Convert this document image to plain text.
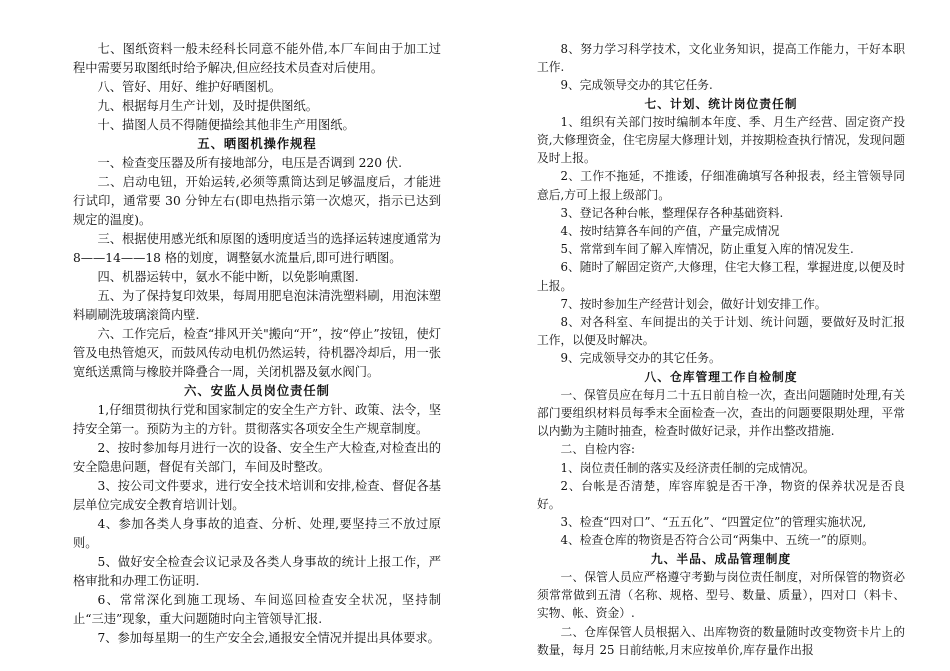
七、图纸资料一般未经科长同意不能外借,本厂车间由于加工过程中需要另取图纸时给予解决,但应经技术员查对后使用。

八、管好、用好、维护好晒图机。

九、根据每月生产计划，及时提供图纸。

十、描图人员不得随便描绘其他非生产用图纸。

五、晒图机操作规程

一、检查变压器及所有接地部分，电压是否调到 220 伏.

二、启动电钮，开始运转,必须等熏筒达到足够温度后，才能进行试印，通常要 30 分钟左右(即电热指示第一次熄灭，指示已达到规定的温度)。

三、根据使用感光纸和原图的透明度适当的选择运转速度通常为 8——14——18 格的划度，调整氨水流量后,即可进行晒图。

四、机器运转中，氨水不能中断，以免影响熏图.

五、为了保持复印效果，每周用肥皂泡沫清洗塑料刷，用泡沫塑料刷刷洗玻璃滚筒内壁.

六、工作完后，检查“排风开关"搬向“开”，按“停止”按钮，使灯管及电热管熄灭，而鼓风传动电机仍然运转，待机器冷却后，用一张宽纸送熏筒与橡胶并降叠合一周，关闭机器及氨水阀门。

六、安监人员岗位责任制

1,仔细贯彻执行党和国家制定的安全生产方针、政策、法令，坚持安全第一。预防为主的方针。贯彻落实各项安全生产规章制度。

2、按时参加每月进行一次的设备、安全生产大检查,对检查出的安全隐患问题，督促有关部门，车间及时整改。

3、按公司文件要求，进行安全技术培训和安排,检查、督促各基层单位完成安全教育培训计划。

4、参加各类人身事故的追查、分析、处理,要坚持三不放过原则。

5、做好安全检查会议记录及各类人身事故的统计上报工作，严格审批和办理工伤证明.

6、常常深化到施工现场、车间巡回检查安全状况，坚持制止“三违”现象，重大问题随时向主管领导汇报.

7、参加每星期一的生产安全会,通报安全情况并提出具体要求。

8、努力学习科学技术，文化业务知识，提高工作能力，干好本职工作.

9、完成领导交办的其它任务.

七、计划、统计岗位责任制

1、组织有关部门按时编制本年度、季、月生产经营、固定资产投资,大修理资金，住宅房屋大修理计划，并按期检查执行情况，发现问题及时上报。

2、工作不拖延，不推诿，仔细准确填写各种报表，经主管领导同意后,方可上报上级部门。

3、登记各种台帐，整理保存各种基础资料.

4、按时结算各车间的产值，产量完成情况

5、常常到车间了解入库情况，防止重复入库的情况发生.

6、随时了解固定资产,大修理，住宅大修工程，掌握进度,以便及时上报。

7、按时参加生产经营计划会，做好计划安排工作。

8、对各科室、车间提出的关于计划、统计问题，要做好及时汇报工作，以便及时解决。

9、完成领导交办的其它任务。

八、仓库管理工作自检制度

一、保管员应在每月二十五日前自检一次，查出问题随时处理,有关部门要组织材料员每季末全面检查一次，查出的问题要限期处理，平常以内勤为主随时抽查，检查时做好记录，并作出整改措施.

二、自检内容:

1、岗位责任制的落实及经济责任制的完成情况。

2、台帐是否清楚，库容库貌是否干净，物资的保养状况是否良好。

3、检查“四对口”、“五五化”、“四置定位”的管理实施状况,

4、检查仓库的物资是否符合公司“两集中、五统一”的原则。

九、半品、成品管理制度

一、保管人员应严格遵守考勤与岗位责任制度，对所保管的物资必须常常做到五清（名称、规格、型号、数量、质量），四对口（料卡、实物、帐、资金）.

二、仓库保管人员根据入、出库物资的数量随时改变物资卡片上的数量，每月 25 日前结帐,月末应按单价,库存量作出报
